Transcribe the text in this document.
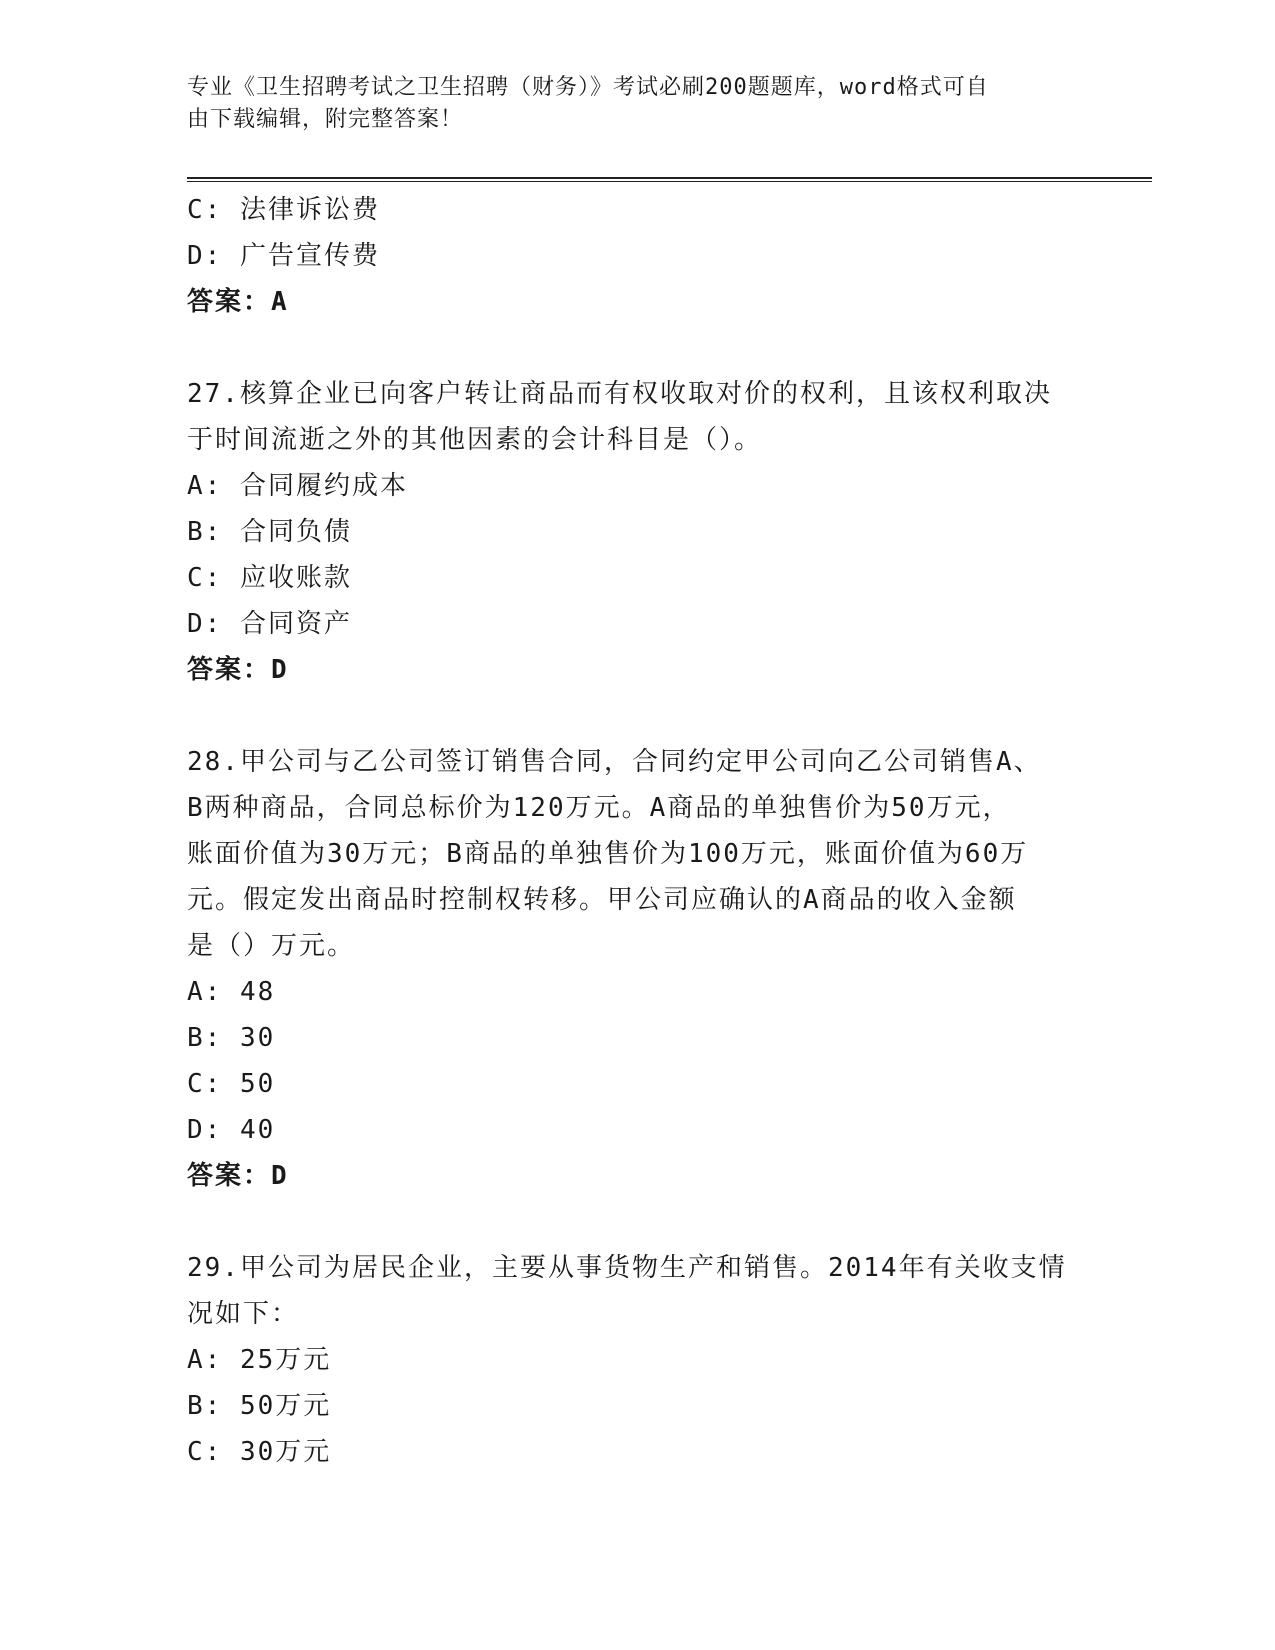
专业《卫生招聘考试之卫生招聘（财务）》考试必刷200题题库，word格式可自
由下载编辑，附完整答案！
C: 法律诉讼费
D: 广告宣传费
答案：A
27.核算企业已向客户转让商品而有权收取对价的权利，且该权利取决
于时间流逝之外的其他因素的会计科目是（）。
A: 合同履约成本
B: 合同负债
C: 应收账款
D: 合同资产
答案：D
28.甲公司与乙公司签订销售合同，合同约定甲公司向乙公司销售A、
B两种商品，合同总标价为120万元。A商品的单独售价为50万元，
账面价值为30万元；B商品的单独售价为100万元，账面价值为60万
元。假定发出商品时控制权转移。甲公司应确认的A商品的收入金额
是（）万元。
A: 48
B: 30
C: 50
D: 40
答案：D
29.甲公司为居民企业，主要从事货物生产和销售。2014年有关收支情
况如下：
A: 25万元
B: 50万元
C: 30万元
